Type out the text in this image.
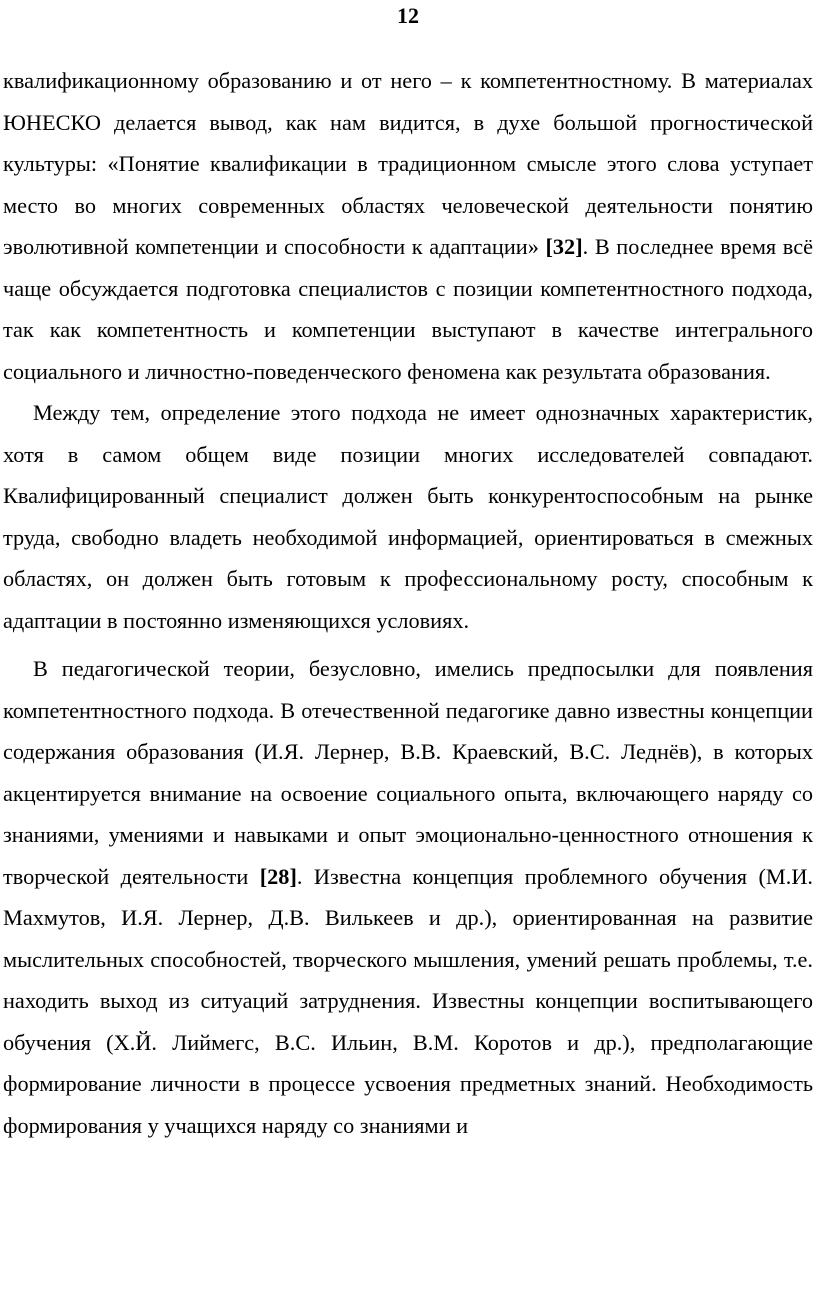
12

квалификационному образованию и от него – к компетентностному. В материалах ЮНЕСКО делается вывод, как нам видится, в духе большой прогностической культуры: «Понятие квалификации в традиционном смысле этого слова уступает место во многих современных областях человеческой деятельности понятию эволютивной компетенции и способности к адаптации» [32]. В последнее время всё чаще обсуждается подготовка специалистов с позиции компетентностного подхода, так как компетентность и компетенции выступают в качестве интегрального социального и личностно-поведенческого феномена как результата образования.

Между тем, определение этого подхода не имеет однозначных характеристик, хотя в самом общем виде позиции многих исследователей совпадают. Квалифицированный специалист должен быть конкурентоспособным на рынке труда, свободно владеть необходимой информацией, ориентироваться в смежных областях, он должен быть готовым к профессиональному росту, способным к адаптации в постоянно изменяющихся условиях.

В педагогической теории, безусловно, имелись предпосылки для появления компетентностного подхода. В отечественной педагогике давно известны концепции содержания образования (И.Я. Лернер, В.В. Краевский, В.С. Леднёв), в которых акцентируется внимание на освоение социального опыта, включающего наряду со знаниями, умениями и навыками и опыт эмоционально-ценностного отношения к творческой деятельности [28]. Известна концепция проблемного обучения (М.И. Махмутов, И.Я. Лернер, Д.В. Вилькеев и др.), ориентированная на развитие мыслительных способностей, творческого мышления, умений решать проблемы, т.е. находить выход из ситуаций затруднения. Известны концепции воспитывающего обучения (Х.Й. Лиймегс, В.С. Ильин, В.М. Коротов и др.), предполагающие формирование личности в процессе усвоения предметных знаний. Необходимость формирования у учащихся наряду со знаниями и
